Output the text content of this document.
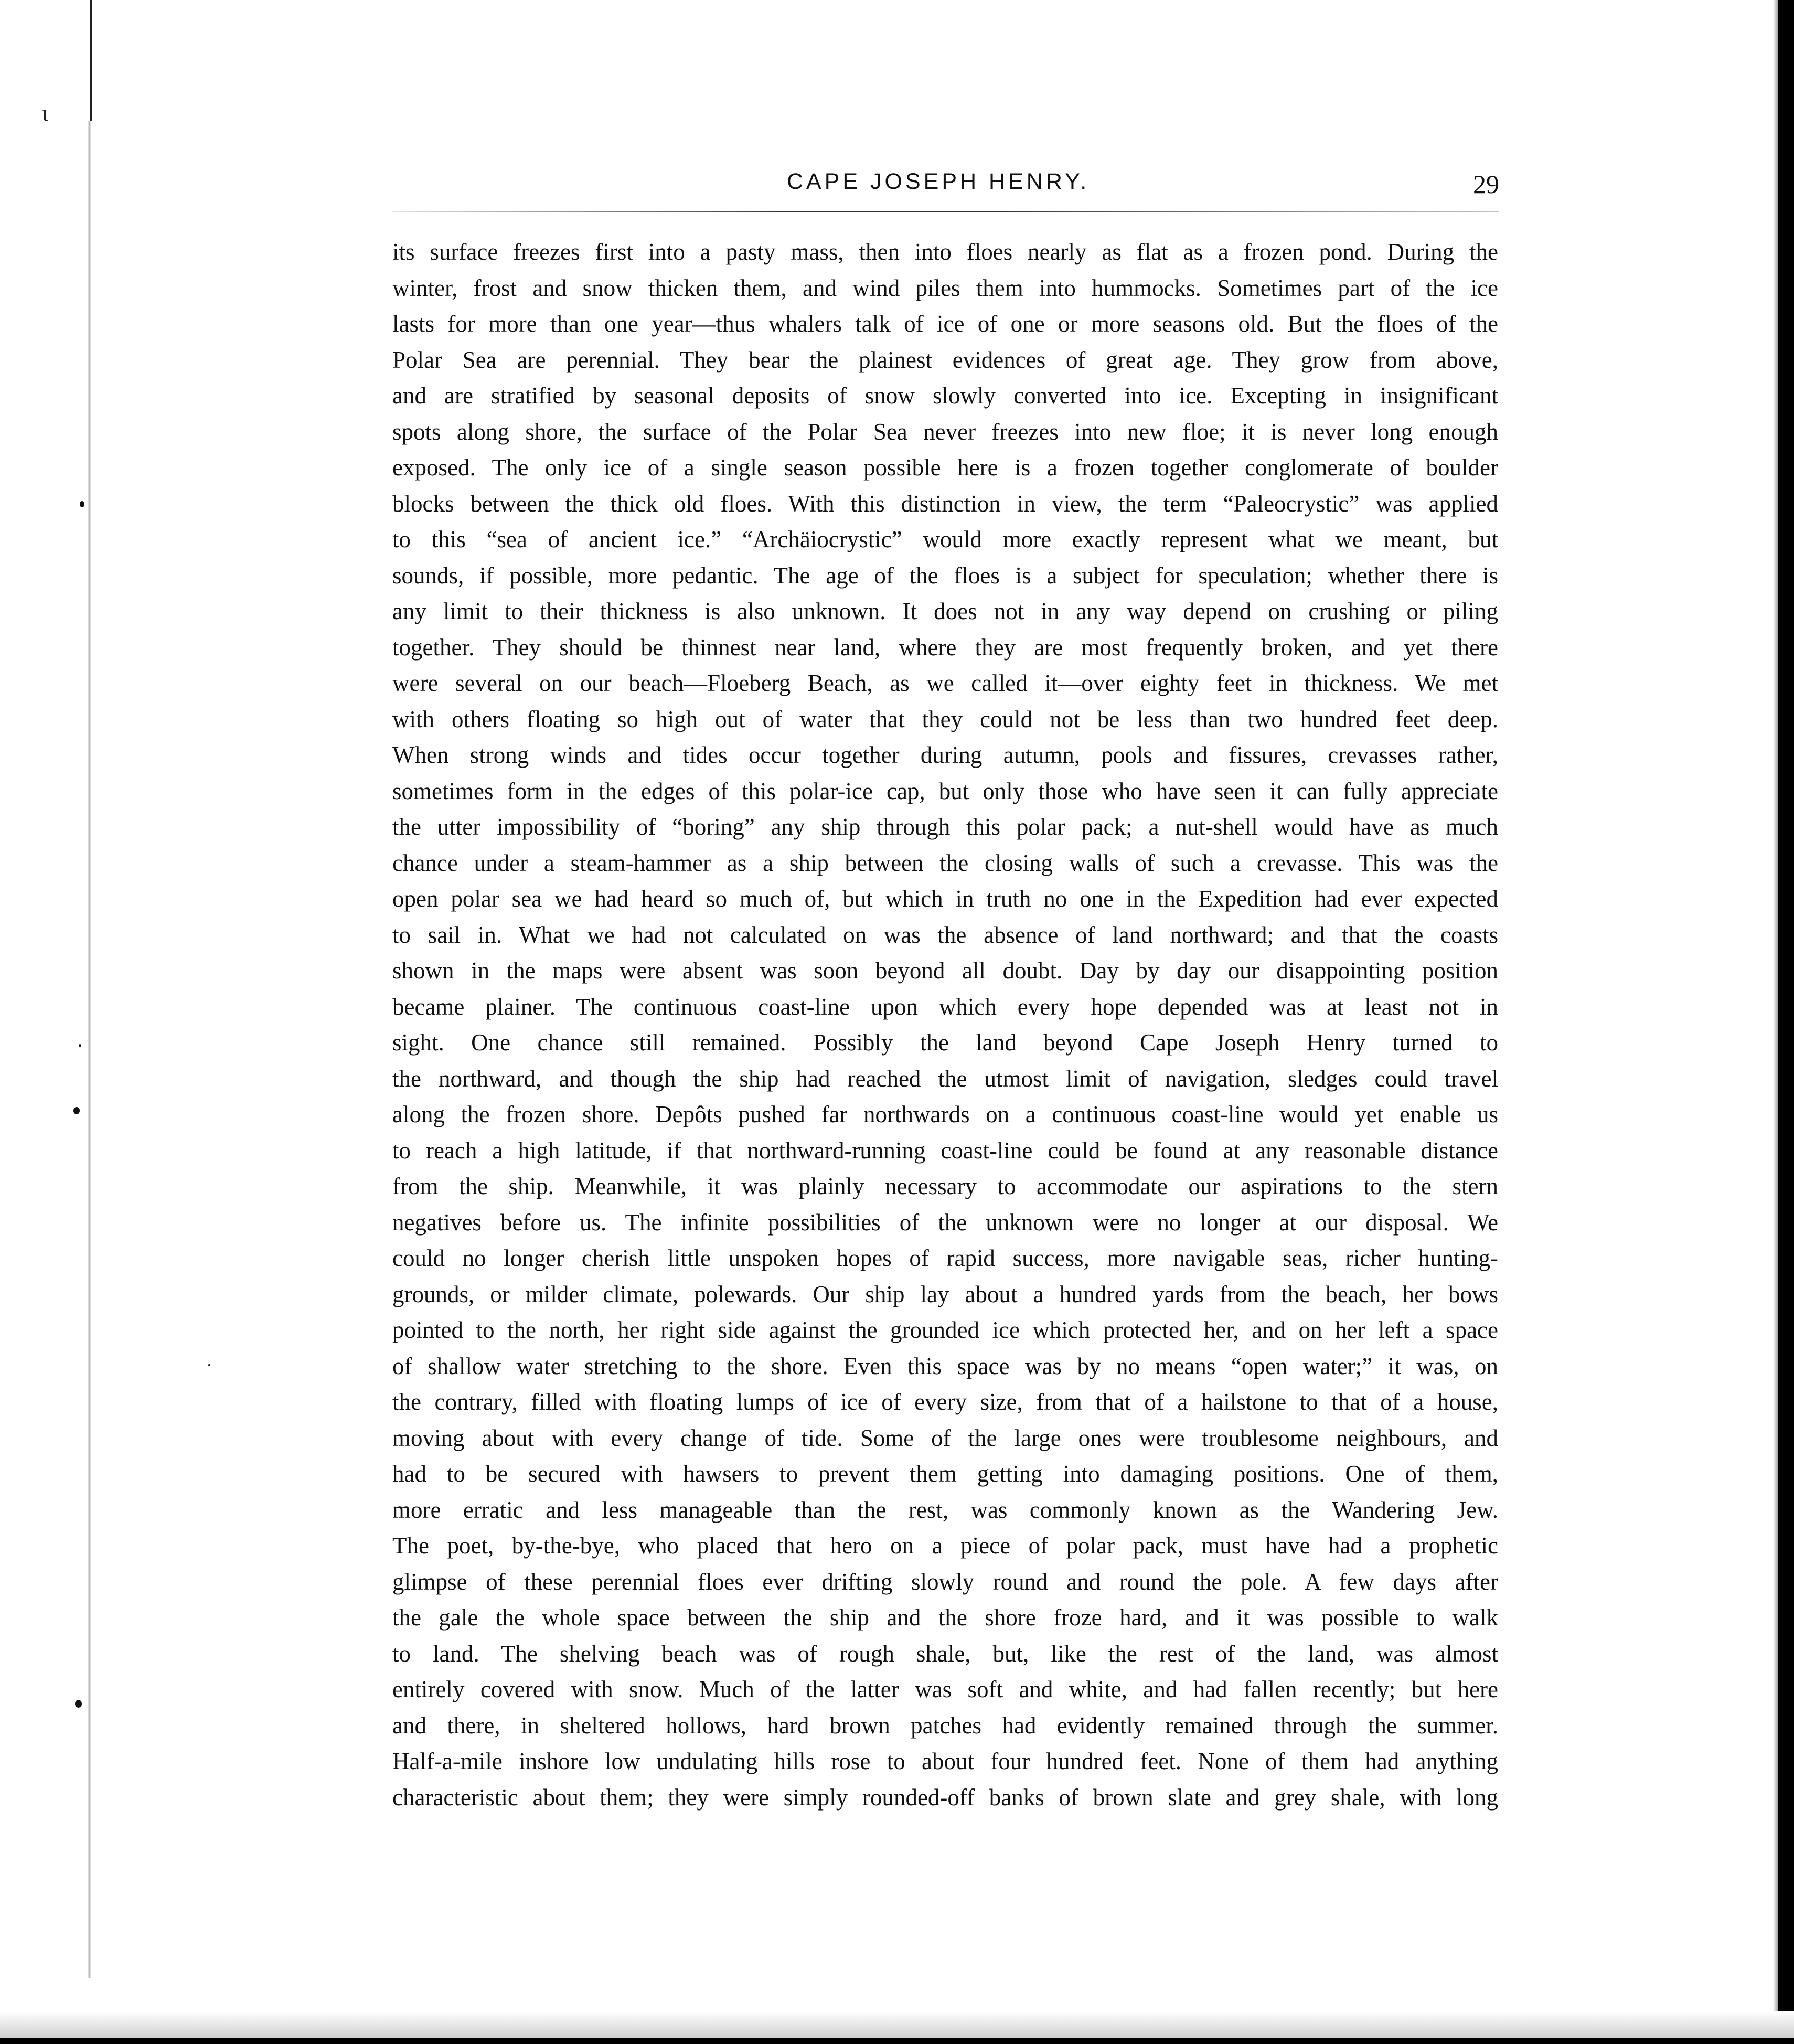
ι
CAPE JOSEPH HENRY.	29
its surface freezes first into a pasty mass, then into floes nearly as flat as a frozen pond. During the
winter, frost and snow thicken them, and wind piles them into hummocks. Sometimes part of the ice
lasts for more than one year—thus whalers talk of ice of one or more seasons old. But the floes of the
Polar Sea are perennial. They bear the plainest evidences of great age. They grow from above,
and are stratified by seasonal deposits of snow slowly converted into ice. Excepting in insignificant
spots along shore, the surface of the Polar Sea never freezes into new floe; it is never long enough
exposed. The only ice of a single season possible here is a frozen together conglomerate of boulder
blocks between the thick old floes. With this distinction in view, the term “Paleocrystic” was applied
to this “sea of ancient ice.” “Archäiocrystic” would more exactly represent what we meant, but
sounds, if possible, more pedantic. The age of the floes is a subject for speculation; whether there is
any limit to their thickness is also unknown. It does not in any way depend on crushing or piling
together. They should be thinnest near land, where they are most frequently broken, and yet there
were several on our beach—Floeberg Beach, as we called it—over eighty feet in thickness. We met
with others floating so high out of water that they could not be less than two hundred feet deep.
When strong winds and tides occur together during autumn, pools and fissures, crevasses rather,
sometimes form in the edges of this polar-ice cap, but only those who have seen it can fully appreciate
the utter impossibility of “boring” any ship through this polar pack; a nut-shell would have as much
chance under a steam-hammer as a ship between the closing walls of such a crevasse. This was the
open polar sea we had heard so much of, but which in truth no one in the Expedition had ever expected
to sail in. What we had not calculated on was the absence of land northward; and that the coasts
shown in the maps were absent was soon beyond all doubt. Day by day our disappointing position
became plainer. The continuous coast-line upon which every hope depended was at least not in
sight. One chance still remained. Possibly the land beyond Cape Joseph Henry turned to
the northward, and though the ship had reached the utmost limit of navigation, sledges could travel
along the frozen shore. Depôts pushed far northwards on a continuous coast-line would yet enable us
to reach a high latitude, if that northward-running coast-line could be found at any reasonable distance
from the ship. Meanwhile, it was plainly necessary to accommodate our aspirations to the stern
negatives before us. The infinite possibilities of the unknown were no longer at our disposal. We
could no longer cherish little unspoken hopes of rapid success, more navigable seas, richer hunting-
grounds, or milder climate, polewards. Our ship lay about a hundred yards from the beach, her bows
pointed to the north, her right side against the grounded ice which protected her, and on her left a space
of shallow water stretching to the shore. Even this space was by no means “open water;” it was, on
the contrary, filled with floating lumps of ice of every size, from that of a hailstone to that of a house,
moving about with every change of tide. Some of the large ones were troublesome neighbours, and
had to be secured with hawsers to prevent them getting into damaging positions. One of them,
more erratic and less manageable than the rest, was commonly known as the Wandering Jew.
The poet, by-the-bye, who placed that hero on a piece of polar pack, must have had a prophetic
glimpse of these perennial floes ever drifting slowly round and round the pole. A few days after
the gale the whole space between the ship and the shore froze hard, and it was possible to walk
to land. The shelving beach was of rough shale, but, like the rest of the land, was almost
entirely covered with snow. Much of the latter was soft and white, and had fallen recently; but here
and there, in sheltered hollows, hard brown patches had evidently remained through the summer.
Half-a-mile inshore low undulating hills rose to about four hundred feet. None of them had anything
characteristic about them; they were simply rounded-off banks of brown slate and grey shale, with long
